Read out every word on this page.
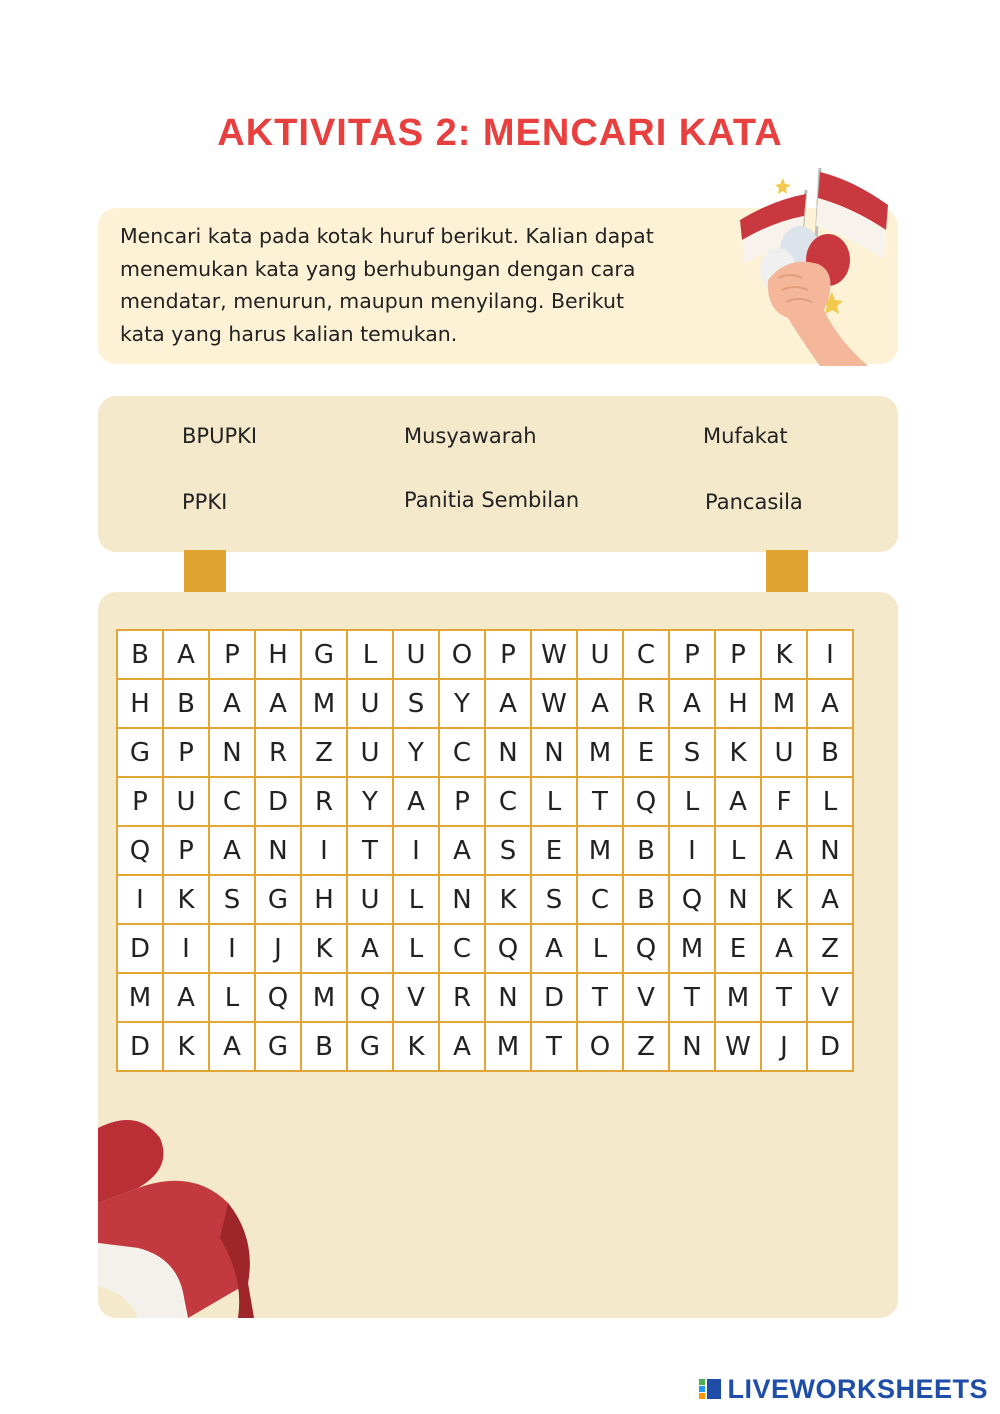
AKTIVITAS 2: MENCARI KATA
Mencari kata pada kotak huruf berikut. Kalian dapat
menemukan kata yang berhubungan dengan cara
mendatar, menurun, maupun menyilang. Berikut
kata yang harus kalian temukan.
BPUPKI	Musyawarah	Mufakat
PPKI	Panitia Sembilan	Pancasila
B	A	P	H	G	L	U	O	P	W	U	C	P	P	K	I
H	B	A	A	M	U	S	Y	A	W	A	R	A	H	M	A
G	P	N	R	Z	U	Y	C	N	N	M	E	S	K	U	B
P	U	C	D	R	Y	A	P	C	L	T	Q	L	A	F	L
Q	P	A	N	I	T	I	A	S	E	M	B	I	L	A	N
I	K	S	G	H	U	L	N	K	S	C	B	Q	N	K	A
D	I	I	J	K	A	L	C	Q	A	L	Q	M	E	A	Z
M	A	L	Q	M	Q	V	R	N	D	T	V	T	M	T	V
D	K	A	G	B	G	K	A	M	T	O	Z	N	W	J	D
LIVEWORKSHEETS
